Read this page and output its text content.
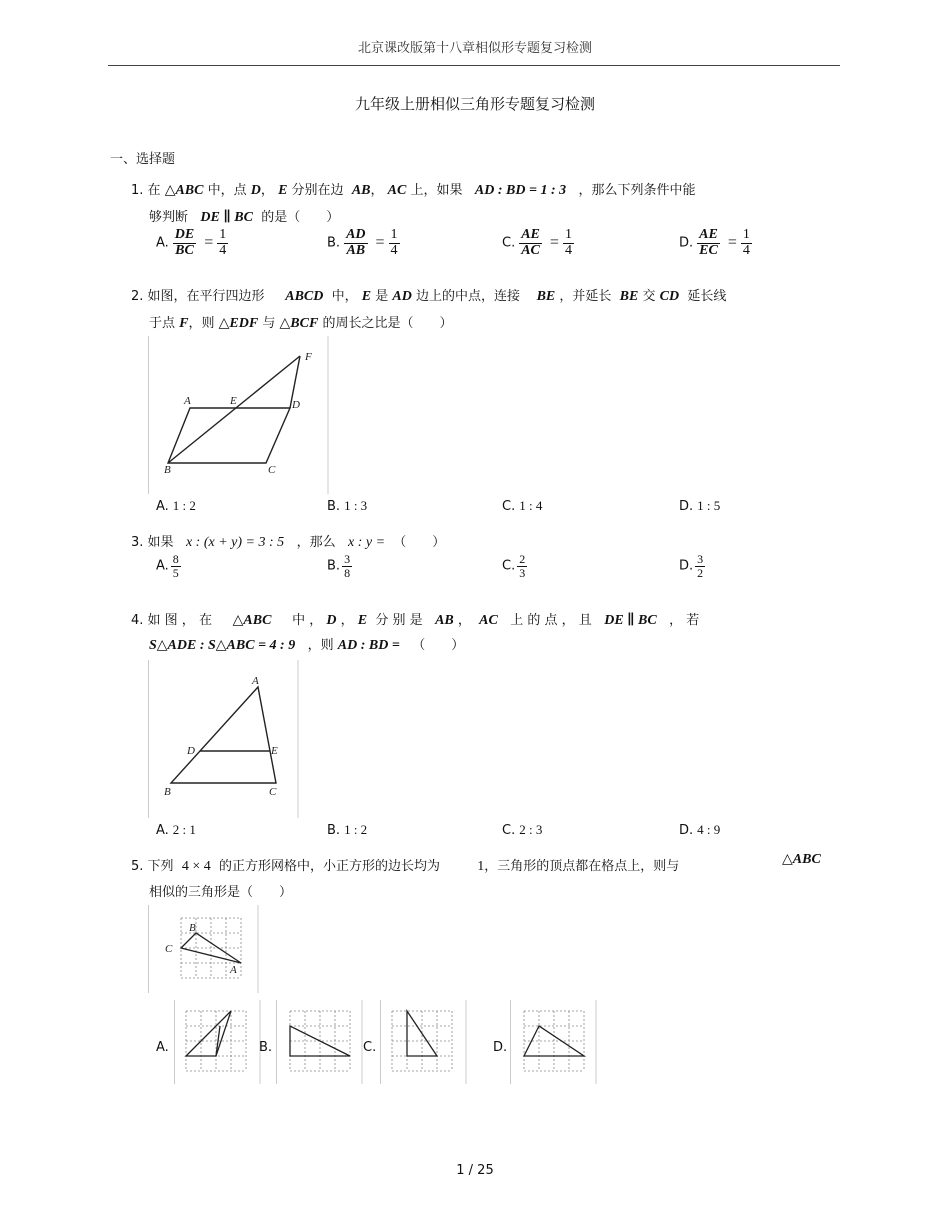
北京课改版第十八章相似形专题复习检测
九年级上册相似三角形专题复习检测
一、选择题
1. 在 △ABC 中，点 D， E 分别在边 AB， AC 上，如果 AD : BD = 1 : 3 ，那么下列条件中能
够判断 DE ∥ BC 的是（　　）
A. $\frac{DE}{BC} = \frac{1}{4}$	B. $\frac{AD}{AB} = \frac{1}{4}$	C. $\frac{AE}{AC} = \frac{1}{4}$	D. $\frac{AE}{EC} = \frac{1}{4}$
2. 如图，在平行四边形 ABCD 中， E 是 AD 边上的中点，连接 BE ，并延长 BE 交 CD 延长线
于点 F，则 △EDF 与 △BCF 的周长之比是（　　）
A	E	D
F
B	C
A. 1 : 2	B. 1 : 3	C. 1 : 4	D. 1 : 5
3. 如果 x : (x + y) = 3 : 5 ，那么 x : y = （　　）
A. $\frac{8}{5}$	B. $\frac{3}{8}$	C. $\frac{2}{3}$	D. $\frac{3}{2}$
4. 如 图 ， 在 △ABC 中 ， D ， E 分 别 是 AB ， AC 上 的 点 ， 且 DE ∥ BC ， 若
S△ADE : S△ABC = 4 : 9 ，则 AD : BD = （　　）
A
D	E
B	C
A. 2 : 1	B. 1 : 2	C. 2 : 3	D. 4 : 9
5. 下列 4 × 4 的正方形网格中，小正方形的边长均为	1，三角形的顶点都在格点上，则与	△ABC
相似的三角形是（　　）
B
C
A
A.	B.	C.	D.
1 / 25
